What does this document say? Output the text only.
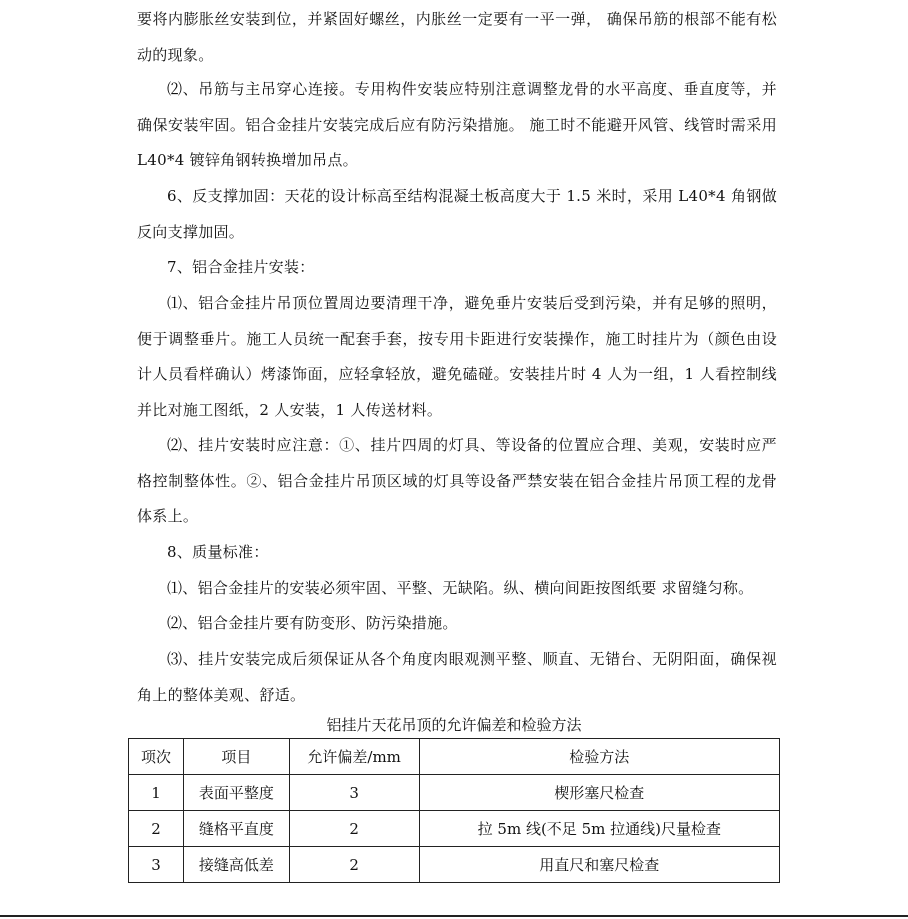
要将内膨胀丝安装到位，并紧固好螺丝，内胀丝一定要有一平一弹， 确保吊筋的根部不能有松动的现象。

⑵、吊筋与主吊穿心连接。专用构件安装应特别注意调整龙骨的水平高度、垂直度等，并确保安装牢固。铝合金挂片安装完成后应有防污染措施。 施工时不能避开风管、线管时需采用 L40*4 镀锌角钢转换增加吊点。

6、反支撑加固：天花的设计标高至结构混凝土板高度大于 1.5 米时，采用 L40*4 角钢做反向支撑加固。

7、铝合金挂片安装：

⑴、铝合金挂片吊顶位置周边要清理干净，避免垂片安装后受到污染，并有足够的照明，便于调整垂片。施工人员统一配套手套，按专用卡距进行安装操作，施工时挂片为（颜色由设计人员看样确认）烤漆饰面，应轻拿轻放，避免磕碰。安装挂片时 4 人为一组，1 人看控制线并比对施工图纸，2 人安装，1 人传送材料。

⑵、挂片安装时应注意：①、挂片四周的灯具、等设备的位置应合理、美观，安装时应严格控制整体性。②、铝合金挂片吊顶区域的灯具等设备严禁安装在铝合金挂片吊顶工程的龙骨体系上。

8、质量标准：

⑴、铝合金挂片的安装必须牢固、平整、无缺陷。纵、横向间距按图纸要 求留缝匀称。

⑵、铝合金挂片要有防变形、防污染措施。

⑶、挂片安装完成后须保证从各个角度肉眼观测平整、顺直、无错台、无阴阳面，确保视角上的整体美观、舒适。

铝挂片天花吊顶的允许偏差和检验方法
项次	项目	允许偏差/mm	检验方法
1	表面平整度	3	楔形塞尺检查
2	缝格平直度	2	拉 5m 线(不足 5m 拉通线)尺量检查
3	接缝高低差	2	用直尺和塞尺检查
